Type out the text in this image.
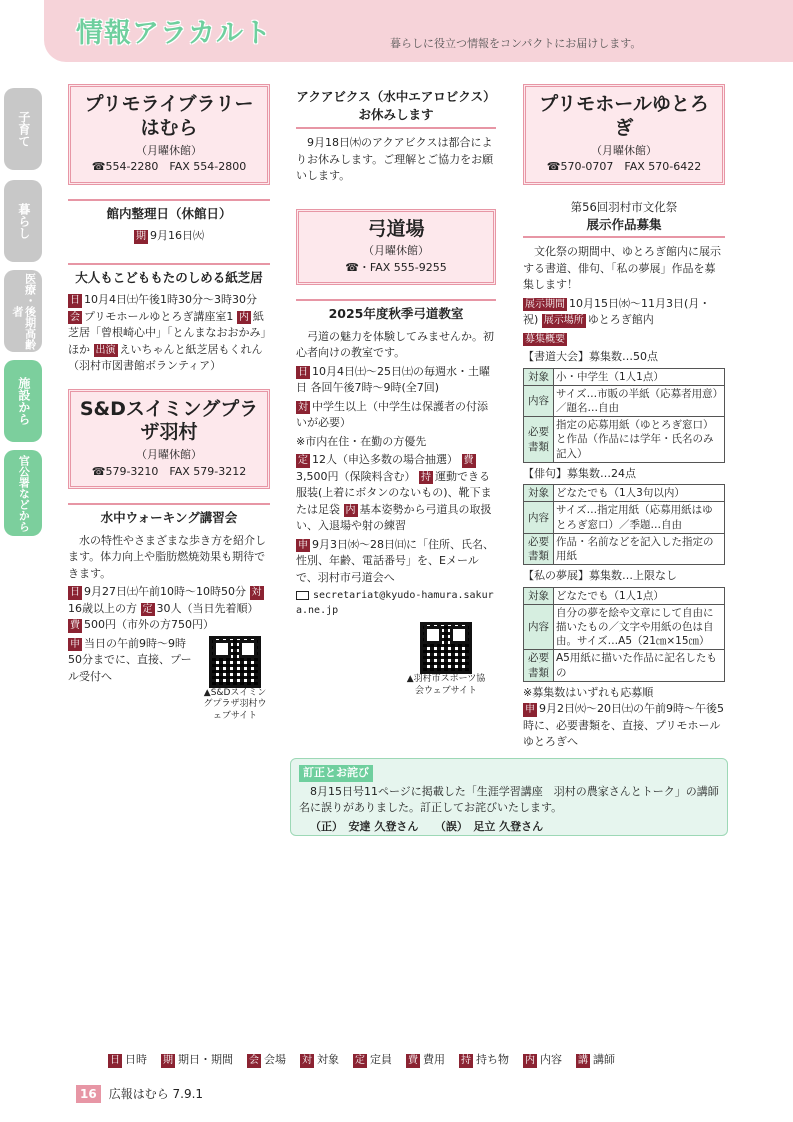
情報アラカルト	暮らしに役立つ情報をコンパクトにお届けします。
子育て
暮らし
医療・後期高齢者
施設から
官公署などから
プリモライブラリーはむら
（月曜休館）
☎554-2280　FAX 554-2800
館内整理日（休館日）

期 9月16日㈫

大人もこどももたのしめる紙芝居

日 10月4日㈯午後1時30分～3時30分 会 プリモホールゆとろぎ講座室1 内 紙芝居「曾根崎心中」「とんまなおおかみ」ほか 出演 えいちゃんと紙芝居もくれん（羽村市図書館ボランティア）

S&Dスイミングプラザ羽村
（月曜休館）
☎579-3210　FAX 579-3212
水中ウォーキング講習会

水の特性やさまざまな歩き方を紹介します。体力向上や脂肪燃焼効果も期待できます。

日 9月27日㈯午前10時～10時50分 対16歳以上の方 定 30人（当日先着順） 費 500円（市外の方750円）

申 当日の午前9時～9時50分までに、直接、プール受付へ

▲S&Dスイミングプラザ羽村ウェブサイト
アクアビクス（水中エアロビクス）お休みします

9月18日㈭のアクアビクスは都合によりお休みします。ご理解とご協力をお願いします。

弓道場
（月曜休館）
☎・FAX 555-9255
2025年度秋季弓道教室

弓道の魅力を体験してみませんか。初心者向けの教室です。

日 10月4日㈯～25日㈯の毎週水・土曜日 各回午後7時～9時(全7回)

対 中学生以上（中学生は保護者の付添いが必要）

※市内在住・在勤の方優先

定 12人（申込多数の場合抽選） 費3,500円（保険料含む） 持 運動できる服装(上着にボタンのないもの)、靴下または足袋 内 基本姿勢から弓道具の取扱い、入退場や射の練習

申 9月3日㈬～28日㈰に「住所、氏名、性別、年齢、電話番号」を、Eメールで、羽村市弓道会へ

secretariat@kyudo-hamura.sakura.ne.jp

▲羽村市スポーツ協会ウェブサイト
プリモホールゆとろぎ
（月曜休館）
☎570-0707　FAX 570-6422
第56回羽村市文化祭
展示作品募集

文化祭の期間中、ゆとろぎ館内に展示する書道、俳句、「私の夢展」作品を募集します！

展示期間 10月15日㈬～11月3日(月・祝) 展示場所 ゆとろぎ館内

募集概要

【書道大会】募集数…50点
対象	小・中学生（1人1点）
内容	サイズ…市販の半紙（応募者用意）／題名…自由
必要書類	指定の応募用紙（ゆとろぎ窓口）と作品（作品には学年・氏名のみ記入）
【俳句】募集数…24点
対象	どなたでも（1人3句以内）
内容	サイズ…指定用紙（応募用紙はゆとろぎ窓口）／季題…自由
必要書類	作品・名前などを記入した指定の用紙
【私の夢展】募集数…上限なし
対象	どなたでも（1人1点）
内容	自分の夢を絵や文章にして自由に描いたもの／文字や用紙の色は自由。サイズ…A5（21㎝×15㎝）
必要書類	A5用紙に描いた作品に記名したもの
※募集数はいずれも応募順

申 9月2日㈫～20日㈯の午前9時～午後5時に、必要書類を、直接、プリモホールゆとろぎへ

訂正とお詫び

8月15日号11ページに掲載した「生涯学習講座　羽村の農家さんとトーク」の講師名に誤りがありました。訂正してお詫びいたします。

（正）　安達 久登さん　　（誤）　足立 久登さん

日 日時 期 期日・期間 会 会場 対 対象 定 定員 費 費用 持 持ち物 内 内容 講 講師
16	広報はむら 7.9.1
